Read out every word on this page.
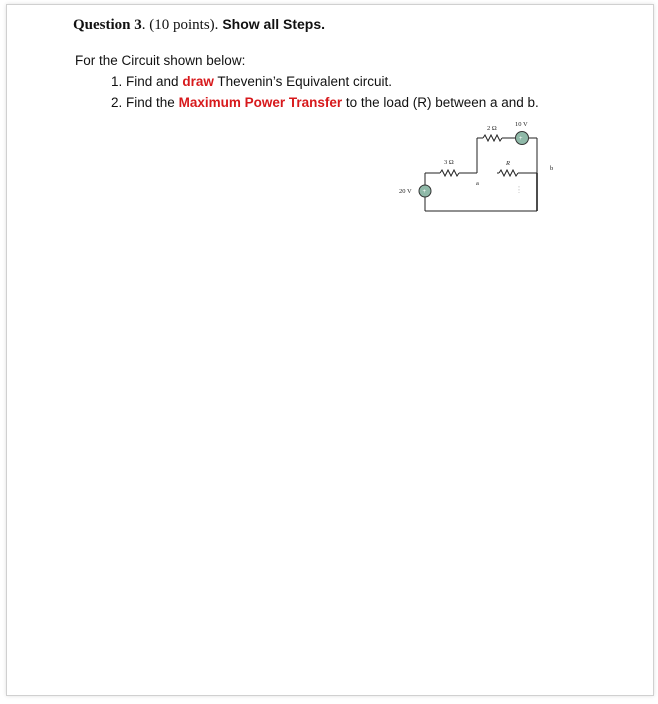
Question 3. (10 points). Show all Steps.
For the Circuit shown below:
1. Find and draw Thevenin’s Equivalent circuit.
2. Find the Maximum Power Transfer to the load (R) between a and b.
+
+
20 V
10 V
3 Ω
2 Ω
R
a
b
